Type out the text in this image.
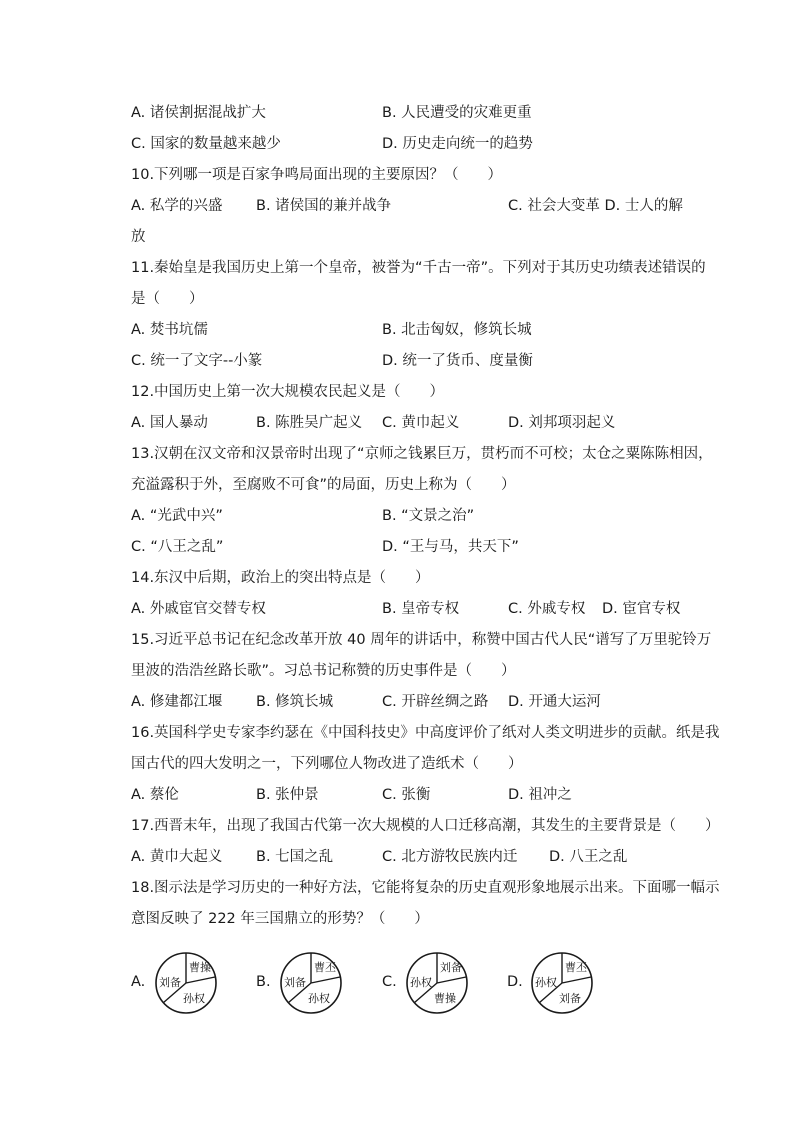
A. 诸侯割据混战扩大	B. 人民遭受的灾难更重
C. 国家的数量越来越少	D. 历史走向统一的趋势
10.下列哪一项是百家争鸣局面出现的主要原因？（　　）
A. 私学的兴盛 B. 诸侯国的兼并战争	C. 社会大变革 D. 士人的解
放
11.秦始皇是我国历史上第一个皇帝，被誉为“千古一帝”。下列对于其历史功绩表述错误的
是（　　）
A. 焚书坑儒	B. 北击匈奴，修筑长城
C. 统一了文字--小篆	D. 统一了货币、度量衡
12.中国历史上第一次大规模农民起义是（　　）
A. 国人暴动	B. 陈胜吴广起义 C. 黄巾起义	D. 刘邦项羽起义
13.汉朝在汉文帝和汉景帝时出现了“京师之钱累巨万，贯朽而不可校；太仓之粟陈陈相因，
充溢露积于外，至腐败不可食”的局面，历史上称为（　　）
A. “光武中兴”	B. “文景之治”
C. “八王之乱”	D. “王与马，共天下”
14.东汉中后期，政治上的突出特点是（　　）
A. 外戚宦官交替专权	B. 皇帝专权	C. 外戚专权 D. 宦官专权
15.习近平总书记在纪念改革开放 40 周年的讲话中，称赞中国古代人民“谱写了万里驼铃万
里波的浩浩丝路长歌”。习总书记称赞的历史事件是（　　）
A. 修建都江堰 B. 修筑长城	C. 开辟丝绸之路 D. 开通大运河
16.英国科学史专家李约瑟在《中国科技史》中高度评价了纸对人类文明进步的贡献。纸是我
国古代的四大发明之一，下列哪位人物改进了造纸术（　　）
A. 蔡伦	B. 张仲景	C. 张衡	D. 祖冲之
17.西晋末年，出现了我国古代第一次大规模的人口迁移高潮，其发生的主要背景是（　　）
A. 黄巾大起义 B. 七国之乱	C. 北方游牧民族内迁 D. 八王之乱
18.图示法是学习历史的一种好方法，它能将复杂的历史直观形象地展示出来。下面哪一幅示
意图反映了 222 年三国鼎立的形势？（　　）
A.
曹操
刘备
孙权
B.
曹丕
刘备
孙权
C.
刘备
孙权
曹操
D.
曹丕
孙权
刘备
